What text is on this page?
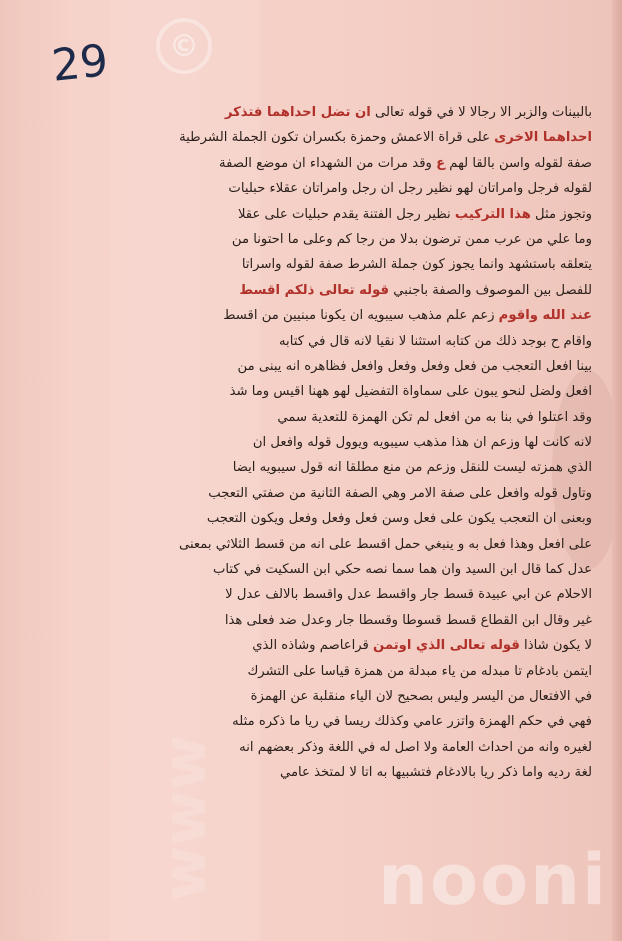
©
www
29
بالبينات والزبر الا رجالا لا في قوله تعالى ان تضل احداهما فتذكر
احداهما الاخرى على قراة الاعمش وحمزة بكسران تكون الجملة الشرطية
صفة لقوله واسن بالقا لهم ع وقد مرات من الشهداء ان موضع الصفة
لقوله فرجل وامراتان لهو نظير رجل ان رجل وامراتان عقلاء حبليات
وتجوز مثل هذا التركيب نظير رجل الفتنة يقدم حبليات على عقلا
وما علي من عرب ممن ترضون بدلا من رجا كم وعلى ما احتونا من
يتعلقه باستشهد وانما يجوز كون جملة الشرط صفة لقوله واسراتا
للفصل بين الموصوف والصفة باجنبي قوله تعالى ذلكم اقسط
عند الله واقوم زعم علم مذهب سيبويه ان يكونا مبنيين من اقسط
واقام ح بوجد ذلك من كتابه استثنا لا نقيا لانه قال في كتابه
بينا افعل التعجب من فعل وفعل وفعل وافعل فظاهره انه يبنى من
افعل ولضل لنحو يبون على سماواة التفضيل لهو ههنا اقيس وما شذ
وقد اعتلوا في بنا به من افعل لم تكن الهمزة للتعدية سمي
لانه كانت لها وزعم ان هذا مذهب سيبويه ويوول قوله وافعل ان
الذي همزته ليست للنقل وزعم من منع مطلقا انه قول سيبويه ايضا
وتاول قوله وافعل على صفة الامر وهي الصفة الثانية من صفتي التعجب
وبعنى ان التعجب يكون على فعل وسن فعل وفعل وفعل ويكون التعجب
على افعل وهذا فعل به و ينبغي حمل اقسط على انه من قسط الثلاثي بمعنى
عدل كما قال ابن السيد وان هما سما نصه حكي ابن السكيت في كتاب
الاحلام عن ابي عبيدة قسط جار واقسط عدل واقسط بالالف عدل لا
غير وقال ابن القطاع قسط قسوطا وقسطا جار وعدل ضد فعلى هذا
لا يكون شاذا قوله تعالى الذي اوتمن قراعاصم وشاذه الذي
ايتمن بادغام تا مبدله من ياء مبدلة من همزة قياسا على التشرك
في الافتعال من اليسر وليس بصحيح لان الياء منقلبة عن الهمزة
فهي في حكم الهمزة واتزر عامي وكذلك ريسا في ريا ما ذكره مثله
لغيره وانه من احداث العامة ولا اصل له في اللغة وذكر بعضهم انه
لغة رديه واما ذكر ريا بالادغام فتشبيها به اتا لا لمتخذ عامي
nooni
